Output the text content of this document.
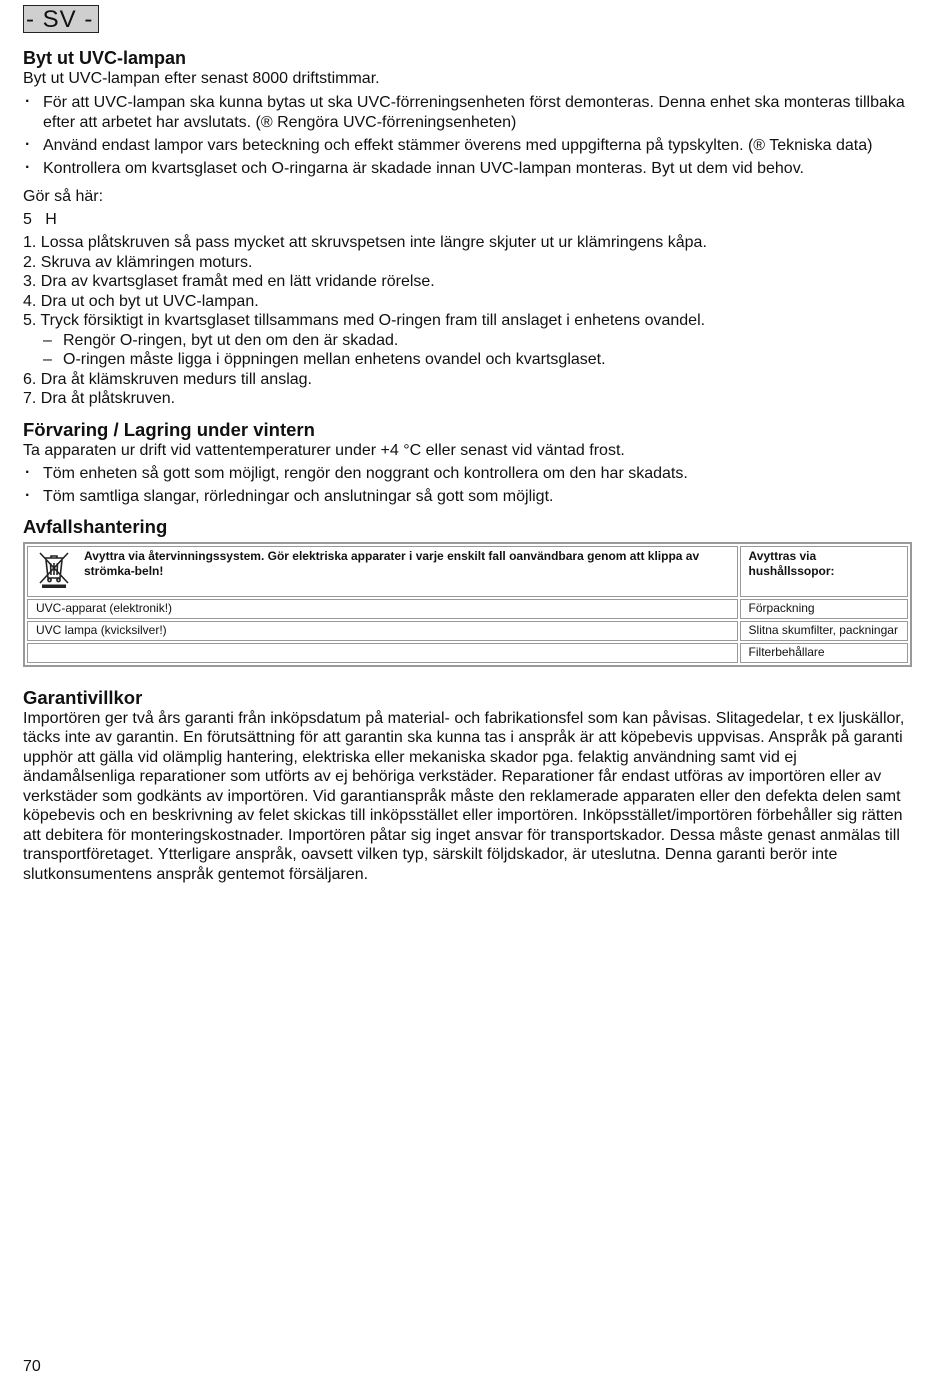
- SV -
Byt ut UVC-lampan

Byt ut UVC-lampan efter senast 8000 driftstimmar.

· För att UVC-lampan ska kunna bytas ut ska UVC-förreningsenheten först demonteras. Denna enhet ska monteras tillbaka efter att arbetet har avslutats. (® Rengöra UVC-förreningsenheten)
· Använd endast lampor vars beteckning och effekt stämmer överens med uppgifterna på typskylten. (® Tekniska data)
· Kontrollera om kvartsglaset och O-ringarna är skadade innan UVC-lampan monteras. Byt ut dem vid behov.

Gör så här:

5   H

1. Lossa plåtskruven så pass mycket att skruvspetsen inte längre skjuter ut ur klämringens kåpa.
2. Skruva av klämringen moturs.
3. Dra av kvartsglaset framåt med en lätt vridande rörelse.
4. Dra ut och byt ut UVC-lampan.
5. Tryck försiktigt in kvartsglaset tillsammans med O-ringen fram till anslaget i enhetens ovandel.
– Rengör O-ringen, byt ut den om den är skadad.
– O-ringen måste ligga i öppningen mellan enhetens ovandel och kvartsglaset.
6. Dra åt klämskruven medurs till anslag.
7. Dra åt plåtskruven.
Förvaring / Lagring under vintern

Ta apparaten ur drift vid vattentemperaturer under +4 °C eller senast vid väntad frost.

· Töm enheten så gott som möjligt, rengör den noggrant och kontrollera om den har skadats.
· Töm samtliga slangar, rörledningar och anslutningar så gott som möjligt.
Avfallshantering
Avyttra via återvinningssystem. Gör elektriska apparater i varje enskilt fall oanvändbara genom att klippa av strömka-beln!	Avyttras via hushållssopor:
UVC-apparat (elektronik!)	Förpackning
UVC lampa (kvicksilver!)	Slitna skumfilter, packningar
	Filterbehållare
Garantivillkor

Importören ger två års garanti från inköpsdatum på material- och fabrikationsfel som kan påvisas. Slitagedelar, t ex ljuskällor, täcks inte av garantin. En förutsättning för att garantin ska kunna tas i anspråk är att köpebevis uppvisas. Anspråk på garanti upphör att gälla vid olämplig hantering, elektriska eller mekaniska skador pga. felaktig användning samt vid ej ändamålsenliga reparationer som utförts av ej behöriga verkstäder. Reparationer får endast utföras av importören eller av verkstäder som godkänts av importören. Vid garantianspråk måste den reklamerade apparaten eller den defekta delen samt köpebevis och en beskrivning av felet skickas till inköpsstället eller importören. Inköpsstället/importören förbehåller sig rätten att debitera för monteringskostnader. Importören påtar sig inget ansvar för transportskador. Dessa måste genast anmälas till transportföretaget. Ytterligare anspråk, oavsett vilken typ, särskilt följdskador, är uteslutna. Denna garanti berör inte slutkonsumentens anspråk gentemot försäljaren.

70
